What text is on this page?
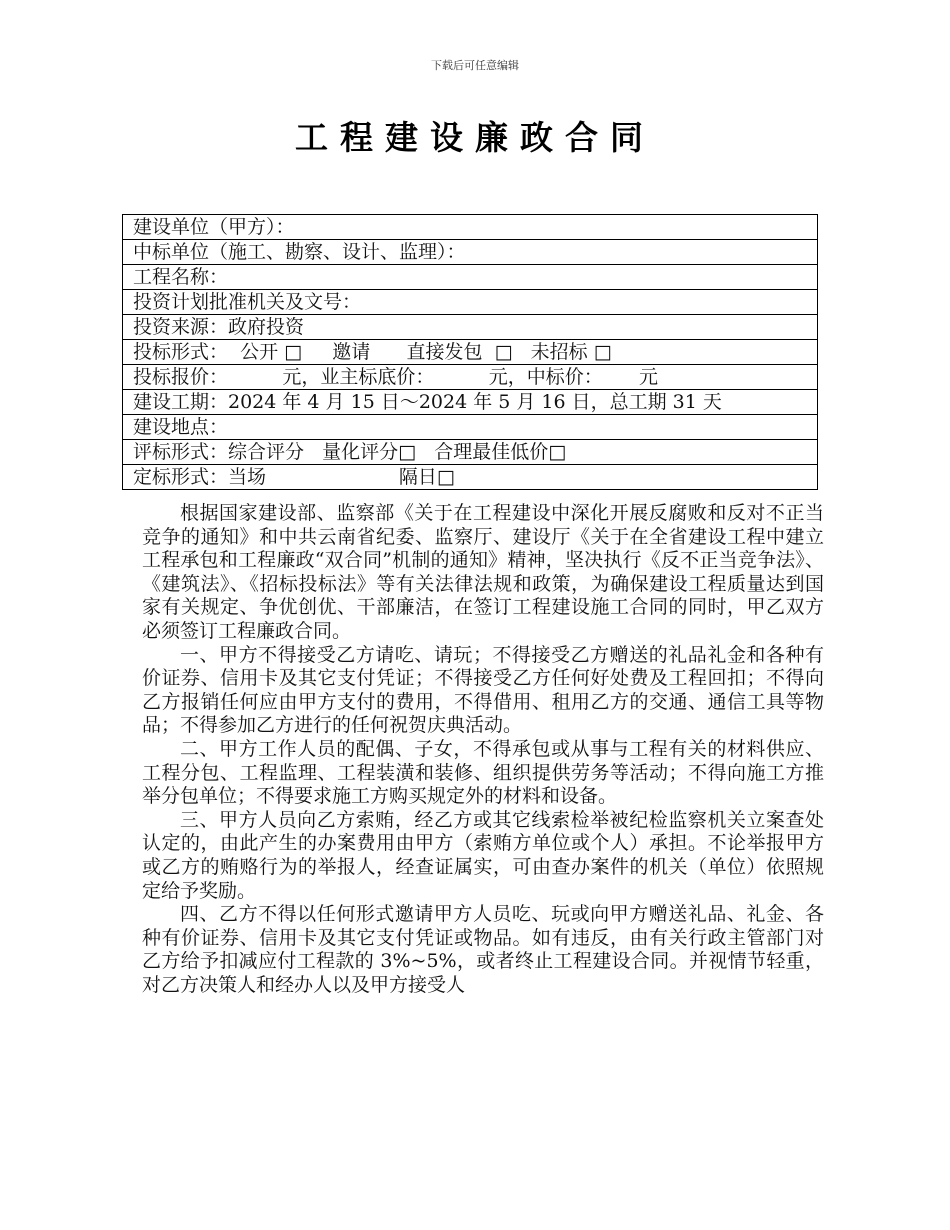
下载后可任意编辑
工程建设廉政合同
建设单位（甲方）：
中标单位（施工、勘察、设计、监理）：
工程名称：
投资计划批准机关及文号：
投资来源：政府投资
投标形式：  公开 □     邀请      直接发包  □   未招标 □
投标报价：         元，业主标底价：         元，中标价：      元
建设工期：2024 年 4 月 15 日～2024 年 5 月 16 日，总工期 31 天
建设地点：
评标形式：综合评分   量化评分□   合理最佳低价□
定标形式：当场                      隔日□

根据国家建设部、监察部《关于在工程建设中深化开展反腐败和反对不正当竞争的通知》和中共云南省纪委、监察厅、建设厅《关于在全省建设工程中建立工程承包和工程廉政“双合同”机制的通知》精神，坚决执行《反不正当竞争法》、《建筑法》、《招标投标法》等有关法律法规和政策，为确保建设工程质量达到国家有关规定、争优创优、干部廉洁，在签订工程建设施工合同的同时，甲乙双方必须签订工程廉政合同。

一、甲方不得接受乙方请吃、请玩；不得接受乙方赠送的礼品礼金和各种有价证券、信用卡及其它支付凭证；不得接受乙方任何好处费及工程回扣；不得向乙方报销任何应由甲方支付的费用，不得借用、租用乙方的交通、通信工具等物品；不得参加乙方进行的任何祝贺庆典活动。

二、甲方工作人员的配偶、子女，不得承包或从事与工程有关的材料供应、工程分包、工程监理、工程装潢和装修、组织提供劳务等活动；不得向施工方推举分包单位；不得要求施工方购买规定外的材料和设备。

三、甲方人员向乙方索贿，经乙方或其它线索检举被纪检监察机关立案查处认定的，由此产生的办案费用由甲方（索贿方单位或个人）承担。不论举报甲方或乙方的贿赂行为的举报人，经查证属实，可由查办案件的机关（单位）依照规定给予奖励。

四、乙方不得以任何形式邀请甲方人员吃、玩或向甲方赠送礼品、礼金、各种有价证券、信用卡及其它支付凭证或物品。如有违反，由有关行政主管部门对乙方给予扣减应付工程款的 3%~5%，或者终止工程建设合同。并视情节轻重，对乙方决策人和经办人以及甲方接受人
